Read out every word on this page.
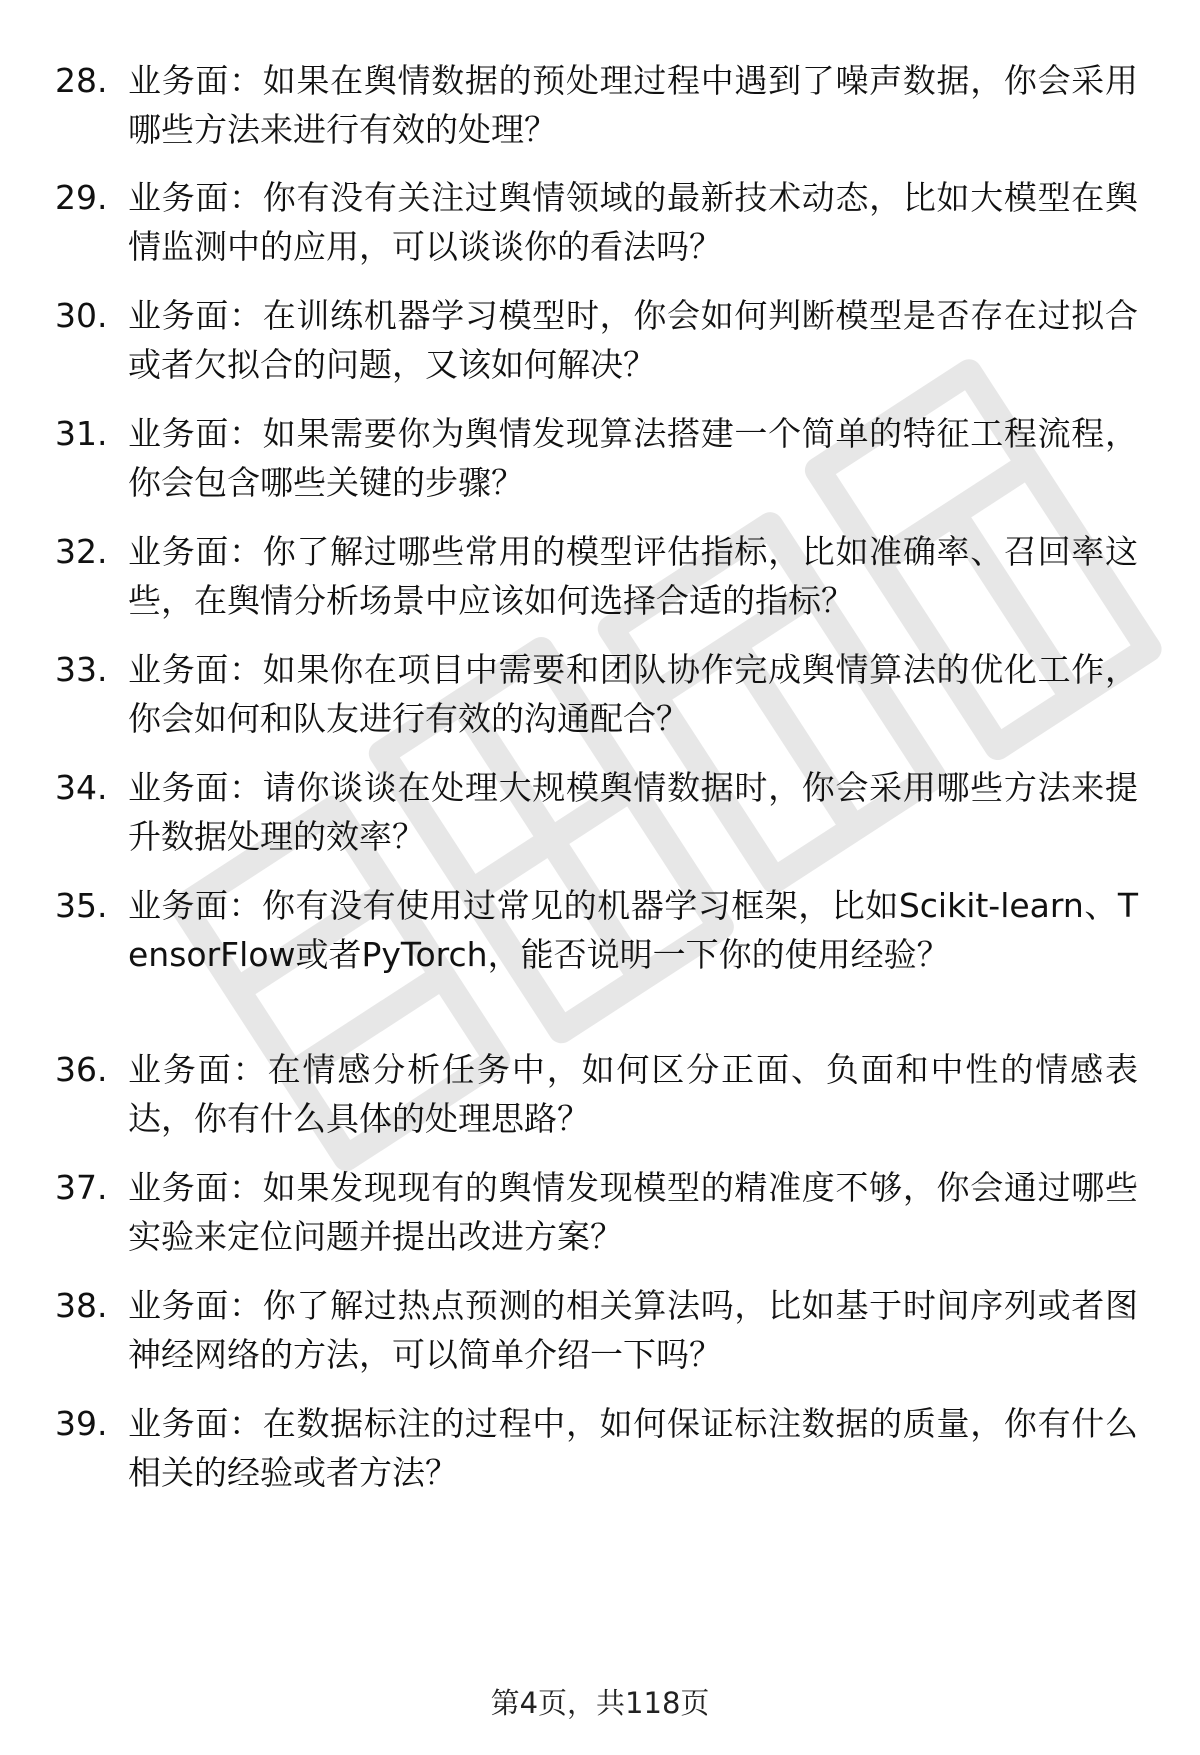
28. 业务面：如果在舆情数据的预处理过程中遇到了噪声数据，你会采用哪些方法来进行有效的处理？
29. 业务面：你有没有关注过舆情领域的最新技术动态，比如大模型在舆情监测中的应用，可以谈谈你的看法吗？
30. 业务面：在训练机器学习模型时，你会如何判断模型是否存在过拟合或者欠拟合的问题，又该如何解决？
31. 业务面：如果需要你为舆情发现算法搭建一个简单的特征工程流程，你会包含哪些关键的步骤？
32. 业务面：你了解过哪些常用的模型评估指标，比如准确率、召回率这些，在舆情分析场景中应该如何选择合适的指标？
33. 业务面：如果你在项目中需要和团队协作完成舆情算法的优化工作，你会如何和队友进行有效的沟通配合？
34. 业务面：请你谈谈在处理大规模舆情数据时，你会采用哪些方法来提升数据处理的效率？
35. 业务面：你有没有使用过常见的机器学习框架，比如Scikit-learn、TensorFlow或者PyTorch，能否说明一下你的使用经验？
36. 业务面：在情感分析任务中，如何区分正面、负面和中性的情感表达，你有什么具体的处理思路？
37. 业务面：如果发现现有的舆情发现模型的精准度不够，你会通过哪些实验来定位问题并提出改进方案？
38. 业务面：你了解过热点预测的相关算法吗，比如基于时间序列或者图神经网络的方法，可以简单介绍一下吗？
39. 业务面：在数据标注的过程中，如何保证标注数据的质量，你有什么相关的经验或者方法？
第4页，共118页
